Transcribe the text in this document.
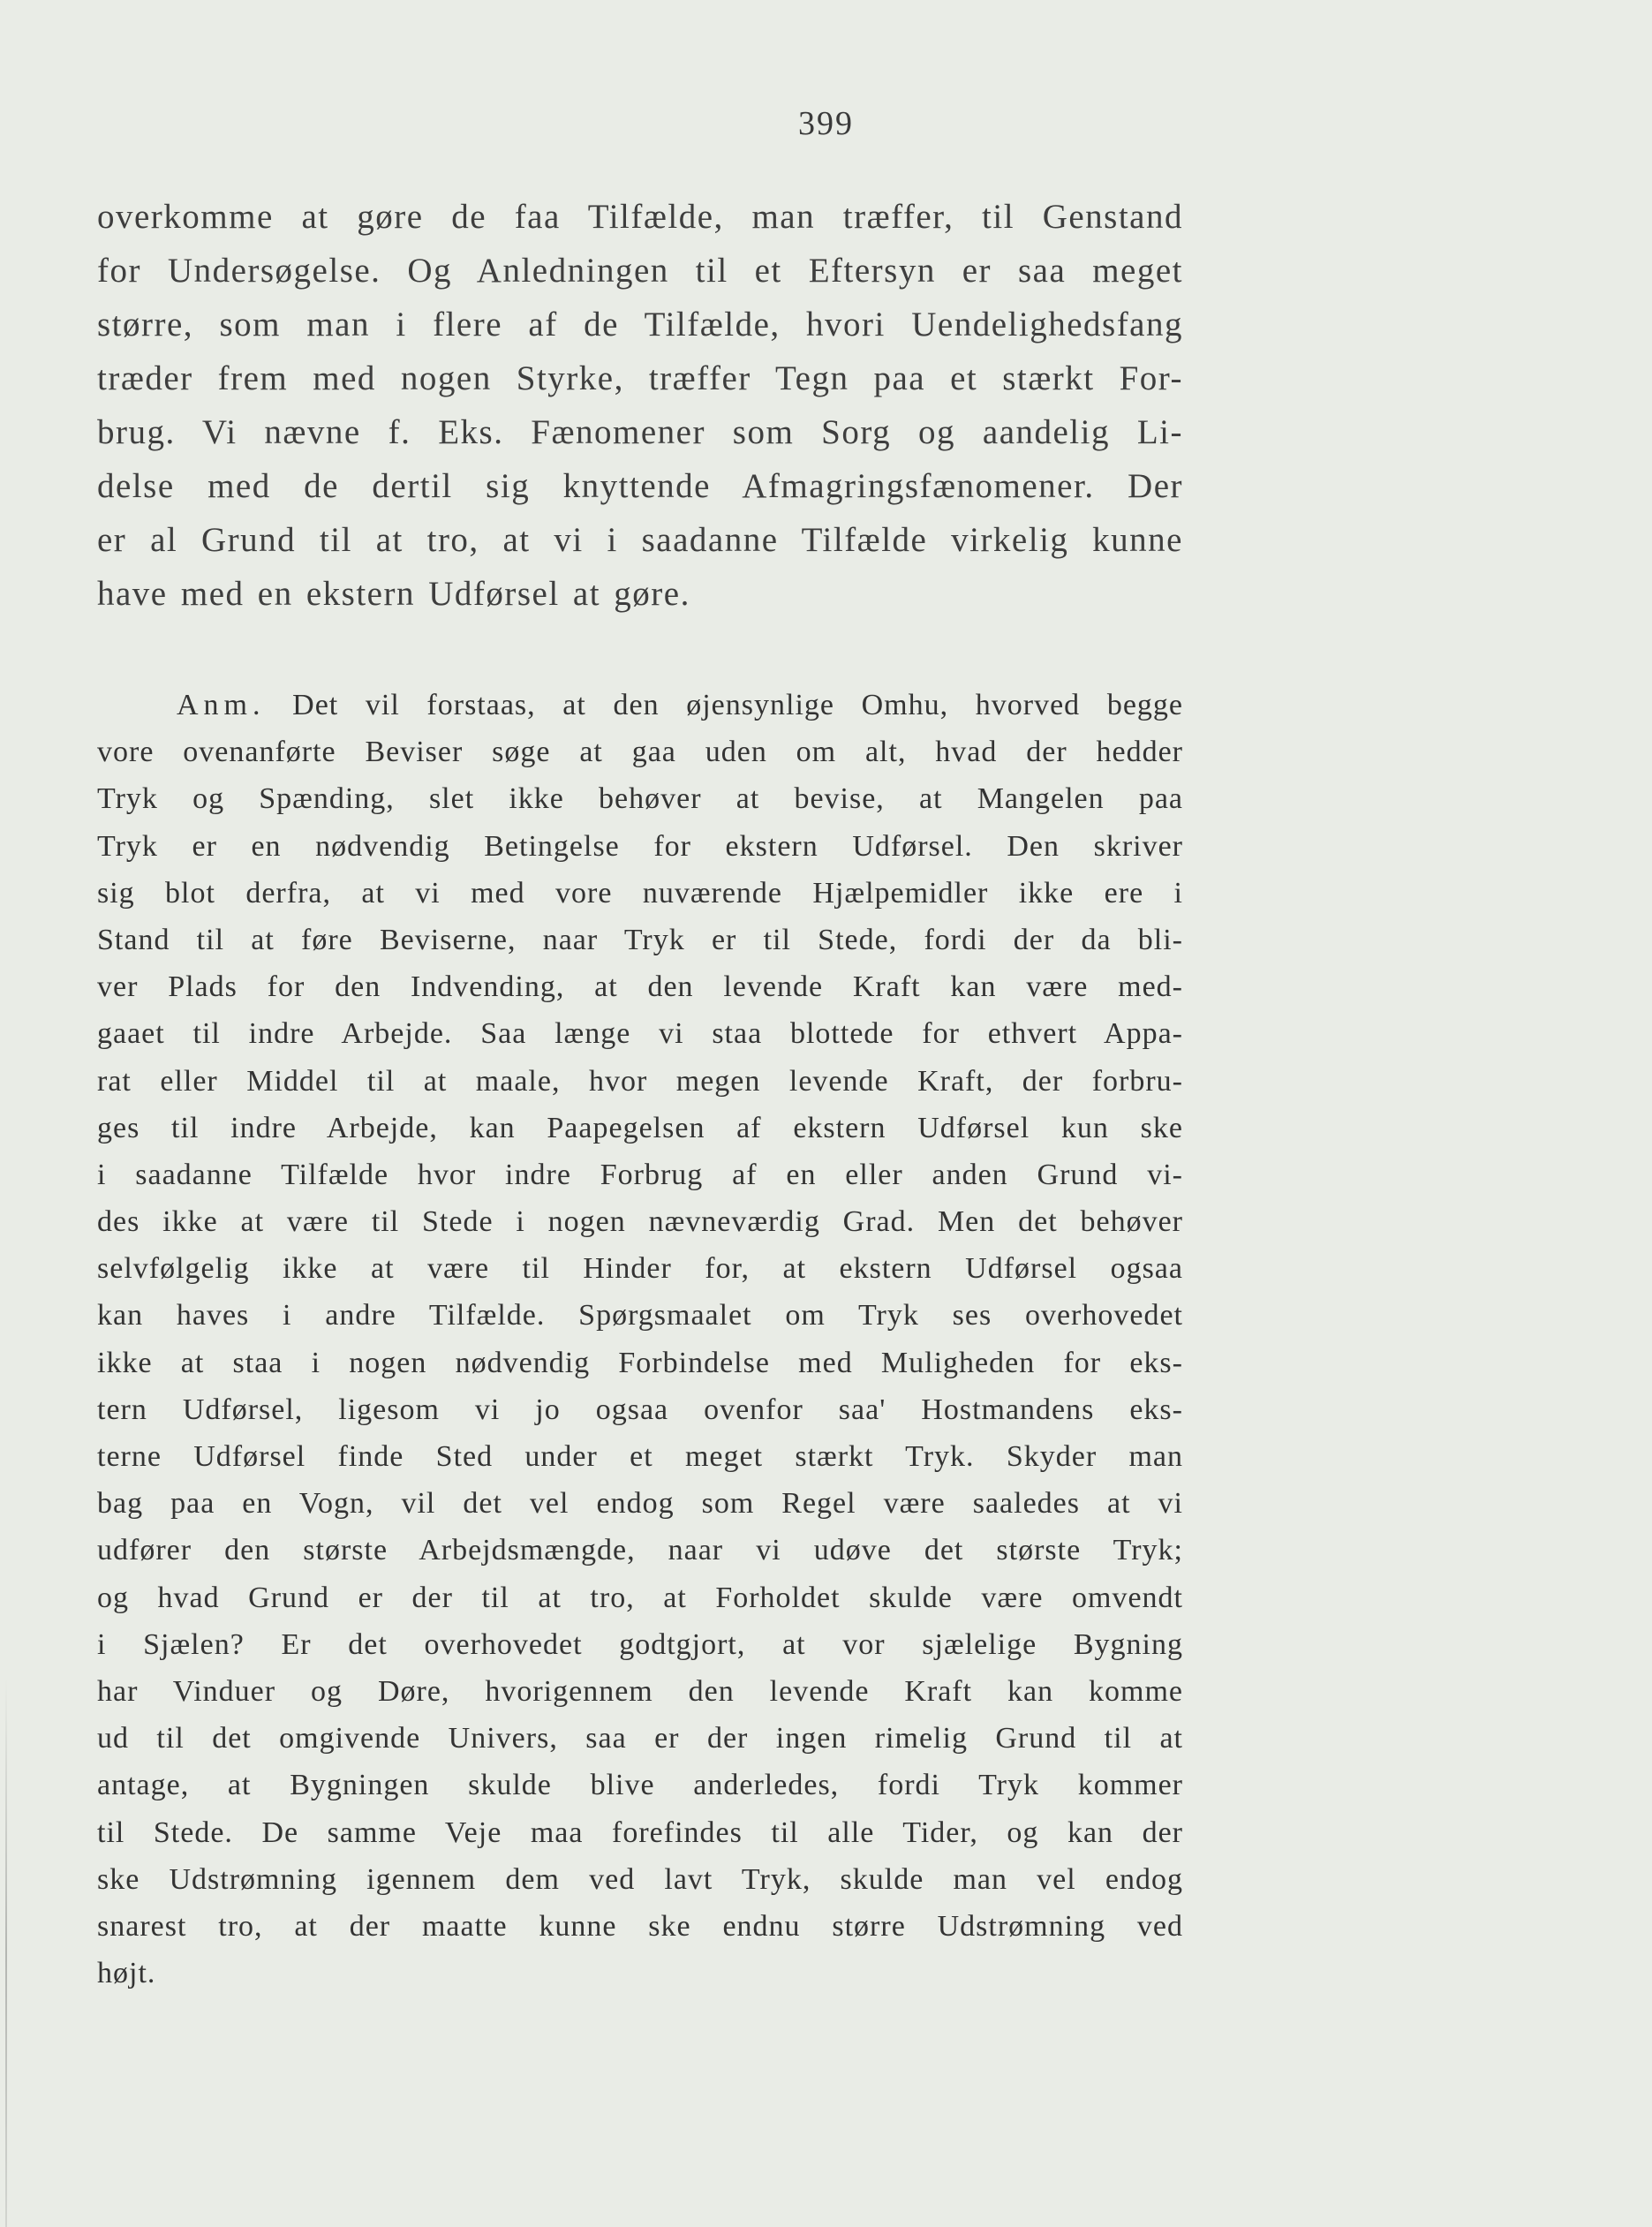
399
overkomme at gøre de faa Tilfælde, man træffer, til Genstand
for Undersøgelse. Og Anledningen til et Eftersyn er saa meget
større, som man i flere af de Tilfælde, hvori Uendelighedsfang
træder frem med nogen Styrke, træffer Tegn paa et stærkt For-
brug. Vi nævne f. Eks. Fænomener som Sorg og aandelig Li-
delse med de dertil sig knyttende Afmagringsfænomener. Der
er al Grund til at tro, at vi i saadanne Tilfælde virkelig kunne
have med en ekstern Udførsel at gøre.
Anm. Det vil forstaas, at den øjensynlige Omhu, hvorved begge
vore ovenanførte Beviser søge at gaa uden om alt, hvad der hedder
Tryk og Spænding, slet ikke behøver at bevise, at Mangelen paa
Tryk er en nødvendig Betingelse for ekstern Udførsel. Den skriver
sig blot derfra, at vi med vore nuværende Hjælpemidler ikke ere i
Stand til at føre Beviserne, naar Tryk er til Stede, fordi der da bli-
ver Plads for den Indvending, at den levende Kraft kan være med-
gaaet til indre Arbejde. Saa længe vi staa blottede for ethvert Appa-
rat eller Middel til at maale, hvor megen levende Kraft, der forbru-
ges til indre Arbejde, kan Paapegelsen af ekstern Udførsel kun ske
i saadanne Tilfælde hvor indre Forbrug af en eller anden Grund vi-
des ikke at være til Stede i nogen nævneværdig Grad. Men det behøver
selvfølgelig ikke at være til Hinder for, at ekstern Udførsel ogsaa
kan haves i andre Tilfælde. Spørgsmaalet om Tryk ses overhovedet
ikke at staa i nogen nødvendig Forbindelse med Muligheden for eks-
tern Udførsel, ligesom vi jo ogsaa ovenfor saa' Hostmandens eks-
terne Udførsel finde Sted under et meget stærkt Tryk. Skyder man
bag paa en Vogn, vil det vel endog som Regel være saaledes at vi
udfører den største Arbejdsmængde, naar vi udøve det største Tryk;
og hvad Grund er der til at tro, at Forholdet skulde være omvendt
i Sjælen? Er det overhovedet godtgjort, at vor sjælelige Bygning
har Vinduer og Døre, hvorigennem den levende Kraft kan komme
ud til det omgivende Univers, saa er der ingen rimelig Grund til at
antage, at Bygningen skulde blive anderledes, fordi Tryk kommer
til Stede. De samme Veje maa forefindes til alle Tider, og kan der
ske Udstrømning igennem dem ved lavt Tryk, skulde man vel endog
snarest tro, at der maatte kunne ske endnu større Udstrømning ved
højt.
